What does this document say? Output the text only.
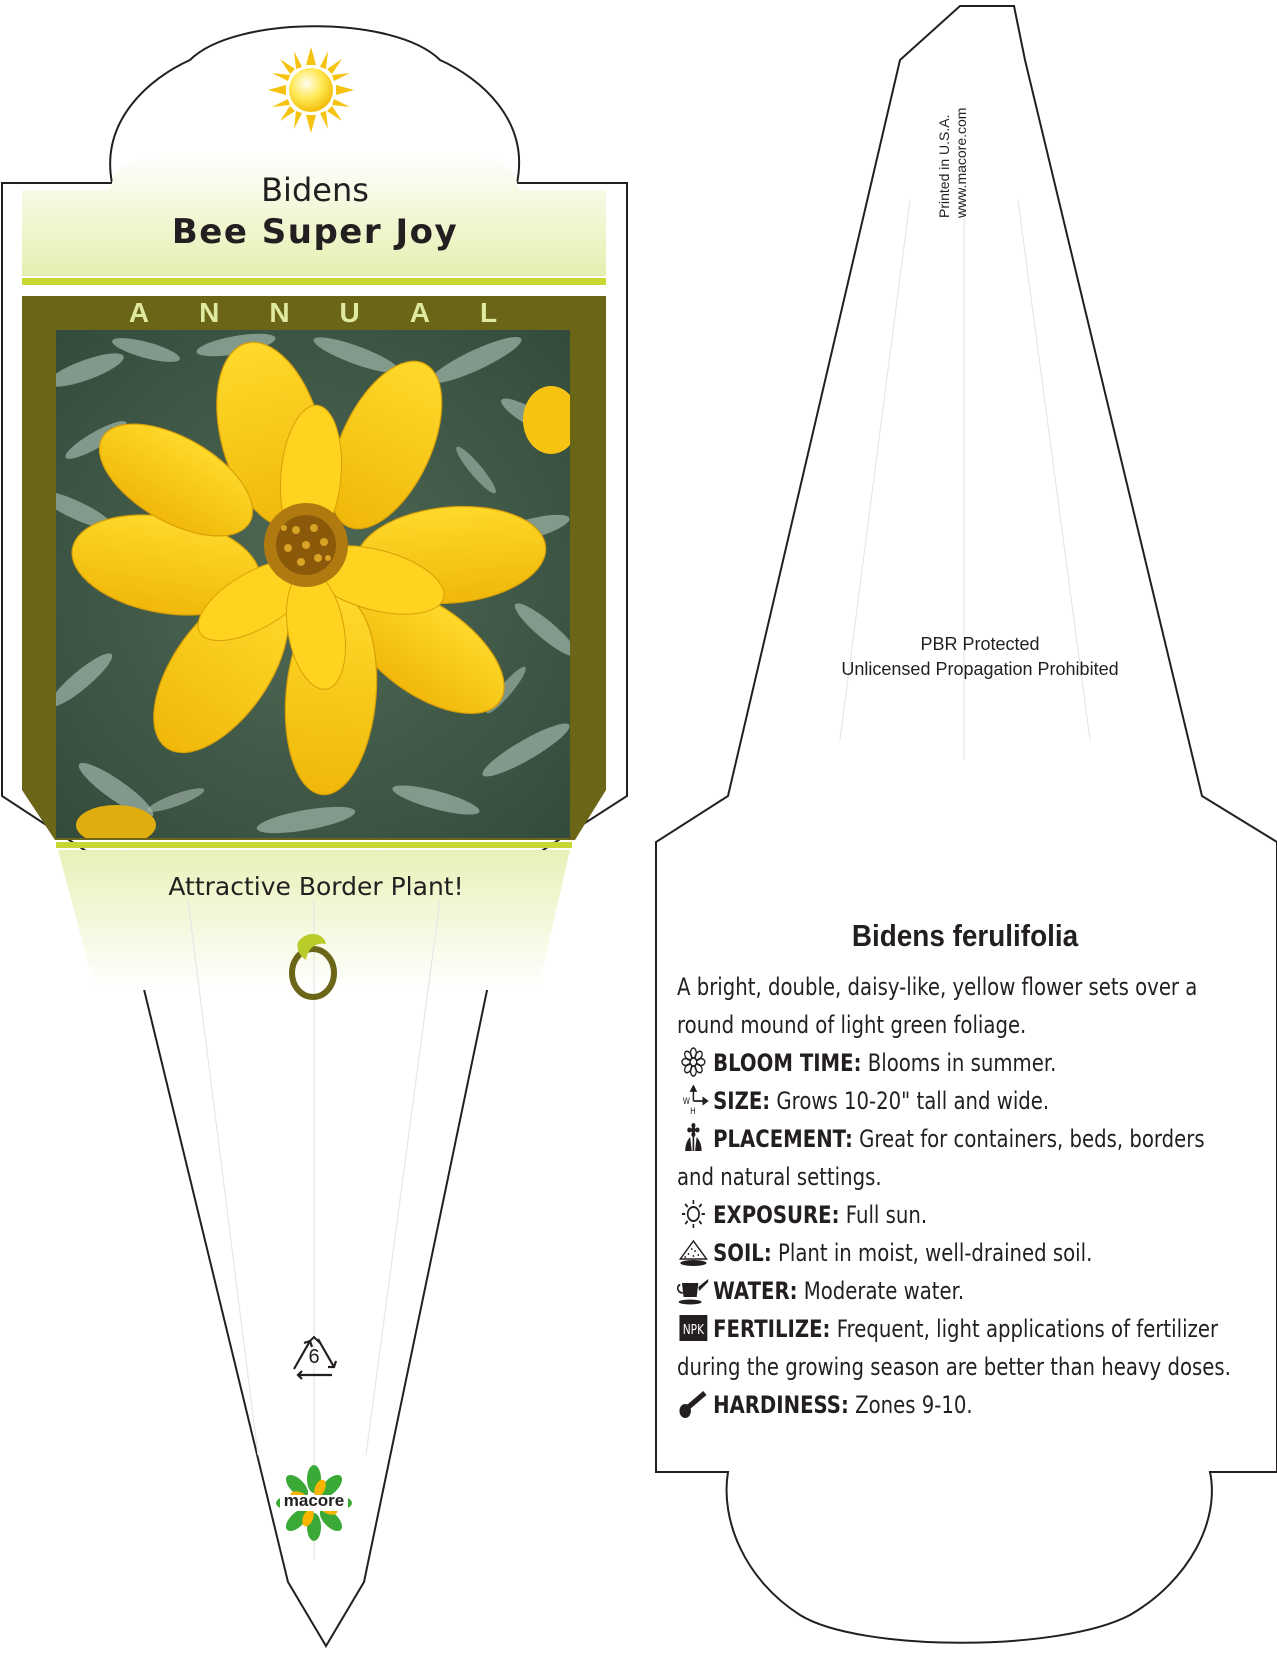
Bidens
Bee Super Joy
ANNUAL
Attractive Border Plant!
6
macore
Printed in U.S.A. www.macore.com
PBR Protected
Unlicensed Propagation Prohibited
Bidens ferulifolia
A bright, double, daisy-like, yellow flower sets over a
round mound of light green foliage.
BLOOM TIME: Blooms in summer.
W
H SIZE: Grows 10-20" tall and wide.
PLACEMENT: Great for containers, beds, borders
and natural settings.
EXPOSURE: Full sun.
SOIL: Plant in moist, well-drained soil.
WATER: Moderate water.
NPK FERTILIZE: Frequent, light applications of fertilizer
during the growing season are better than heavy doses.
HARDINESS: Zones 9-10.
